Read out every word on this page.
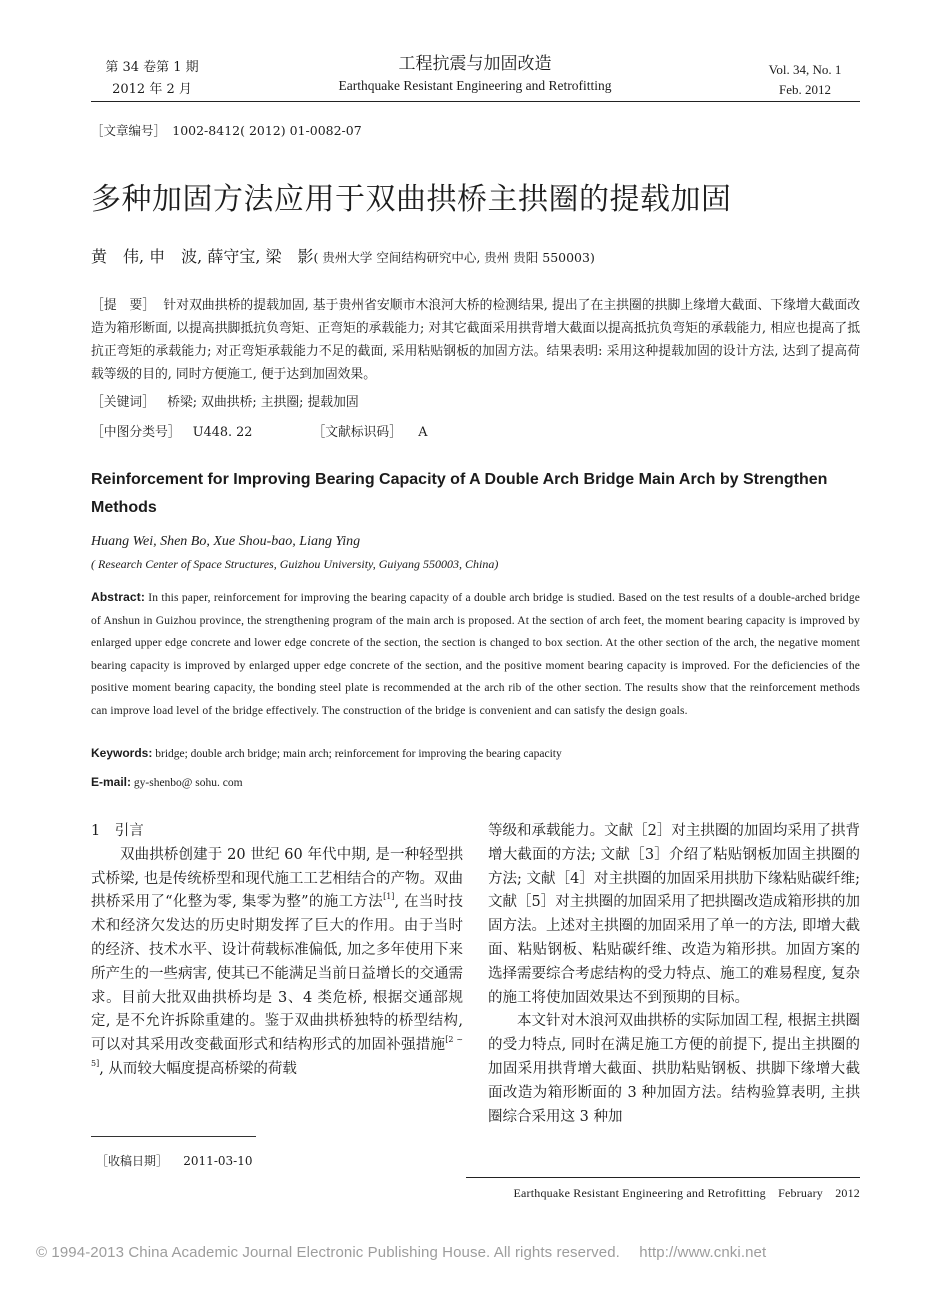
第 34 卷第 1 期
2012 年 2 月
工程抗震与加固改造
Earthquake Resistant Engineering and Retrofitting
Vol. 34, No. 1
Feb. 2012
［文章编号］　1002-8412( 2012) 01-0082-07
多种加固方法应用于双曲拱桥主拱圈的提载加固
黄　伟, 申　波, 薛守宝, 梁　影( 贵州大学 空间结构研究中心, 贵州 贵阳 550003)
［提　要］ 针对双曲拱桥的提载加固, 基于贵州省安顺市木浪河大桥的检测结果, 提出了在主拱圈的拱脚上缘增大截面、下缘增大截面改造为箱形断面, 以提高拱脚抵抗负弯矩、正弯矩的承载能力; 对其它截面采用拱背增大截面以提高抵抗负弯矩的承载能力, 相应也提高了抵抗正弯矩的承载能力; 对正弯矩承载能力不足的截面, 采用粘贴钢板的加固方法。结果表明: 采用这种提载加固的设计方法, 达到了提高荷载等级的目的, 同时方便施工, 便于达到加固效果。
［关键词］ 桥梁; 双曲拱桥; 主拱圈; 提载加固
［中图分类号］ U448. 22	［文献标识码］ A
Reinforcement for Improving Bearing Capacity of A Double Arch Bridge Main Arch by Strengthen Methods
Huang Wei, Shen Bo, Xue Shou-bao, Liang Ying
( Research Center of Space Structures, Guizhou University, Guiyang 550003, China)
Abstract: In this paper, reinforcement for improving the bearing capacity of a double arch bridge is studied. Based on the test results of a double-arched bridge of Anshun in Guizhou province, the strengthening program of the main arch is proposed. At the section of arch feet, the moment bearing capacity is improved by enlarged upper edge concrete and lower edge concrete of the section, the section is changed to box section. At the other section of the arch, the negative moment bearing capacity is improved by enlarged upper edge concrete of the section, and the positive moment bearing capacity is improved. For the deficiencies of the positive moment bearing capacity, the bonding steel plate is recommended at the arch rib of the other section. The results show that the reinforcement methods can improve load level of the bridge effectively. The construction of the bridge is convenient and can satisfy the design goals.
Keywords: bridge; double arch bridge; main arch; reinforcement for improving the bearing capacity
E-mail: gy-shenbo@ sohu. com

1　引言

双曲拱桥创建于 20 世纪 60 年代中期, 是一种轻型拱式桥梁, 也是传统桥型和现代施工工艺相结合的产物。双曲拱桥采用了“化整为零, 集零为整”的施工方法[1], 在当时技术和经济欠发达的历史时期发挥了巨大的作用。由于当时的经济、技术水平、设计荷载标准偏低, 加之多年使用下来所产生的一些病害, 使其已不能满足当前日益增长的交通需求。目前大批双曲拱桥均是 3、4 类危桥, 根据交通部规定, 是不允许拆除重建的。鉴于双曲拱桥独特的桥型结构, 可以对其采用改变截面形式和结构形式的加固补强措施[2 ~ 5], 从而较大幅度提高桥梁的荷载

等级和承载能力。文献［2］对主拱圈的加固均采用了拱背增大截面的方法; 文献［3］介绍了粘贴钢板加固主拱圈的方法; 文献［4］对主拱圈的加固采用拱肋下缘粘贴碳纤维; 文献［5］对主拱圈的加固采用了把拱圈改造成箱形拱的加固方法。上述对主拱圈的加固采用了单一的方法, 即增大截面、粘贴钢板、粘贴碳纤维、改造为箱形拱。加固方案的选择需要综合考虑结构的受力特点、施工的难易程度, 复杂的施工将使加固效果达不到预期的目标。

本文针对木浪河双曲拱桥的实际加固工程, 根据主拱圈的受力特点, 同时在满足施工方便的前提下, 提出主拱圈的加固采用拱背增大截面、拱肋粘贴钢板、拱脚下缘增大截面改造为箱形断面的 3 种加固方法。结构验算表明, 主拱圈综合采用这 3 种加

［收稿日期］ 2011-03-10
Earthquake Resistant Engineering and Retrofitting　February　2012
© 1994-2013 China Academic Journal Electronic Publishing House. All rights reserved.　 http://www.cnki.net
